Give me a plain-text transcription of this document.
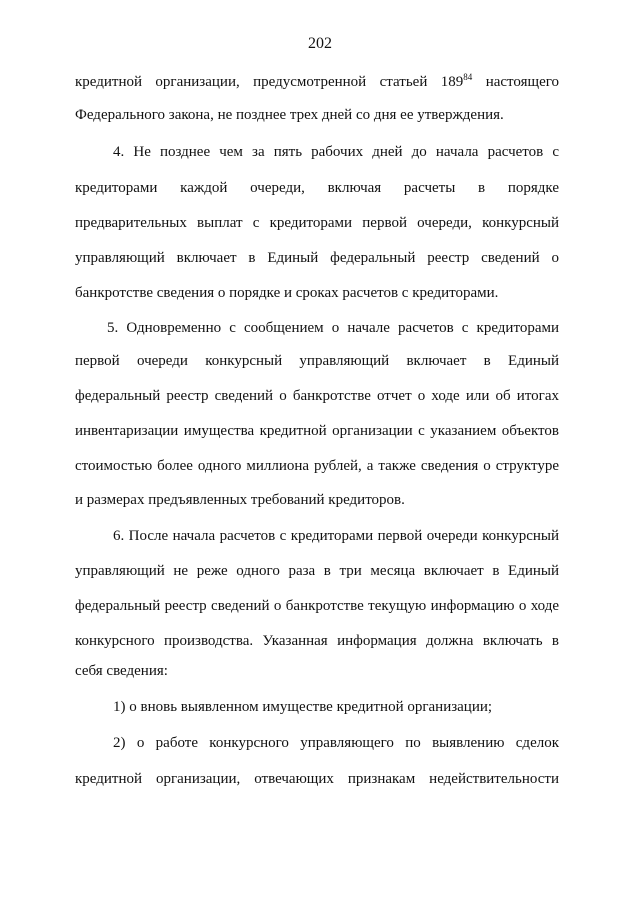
202
кредитной организации, предусмотренной статьей $189^{84}$ настоящего
Федерального закона, не позднее трех дней со дня ее утверждения.
4. Не позднее чем за пять рабочих дней до начала расчетов с
кредиторами каждой очереди, включая расчеты в порядке
предварительных выплат с кредиторами первой очереди, конкурсный
управляющий включает в Единый федеральный реестр сведений о
банкротстве сведения о порядке и сроках расчетов с кредиторами.
5. Одновременно с сообщением о начале расчетов с кредиторами
первой очереди конкурсный управляющий включает в Единый
федеральный реестр сведений о банкротстве отчет о ходе или об итогах
инвентаризации имущества кредитной организации с указанием объектов
стоимостью более одного миллиона рублей, а также сведения о структуре
и размерах предъявленных требований кредиторов.
6. После начала расчетов с кредиторами первой очереди конкурсный
управляющий не реже одного раза в три месяца включает в Единый
федеральный реестр сведений о банкротстве текущую информацию о ходе
конкурсного производства. Указанная информация должна включать в
себя сведения:
1) о вновь выявленном имуществе кредитной организации;
2) о работе конкурсного управляющего по выявлению сделок
кредитной организации, отвечающих признакам недействительности
